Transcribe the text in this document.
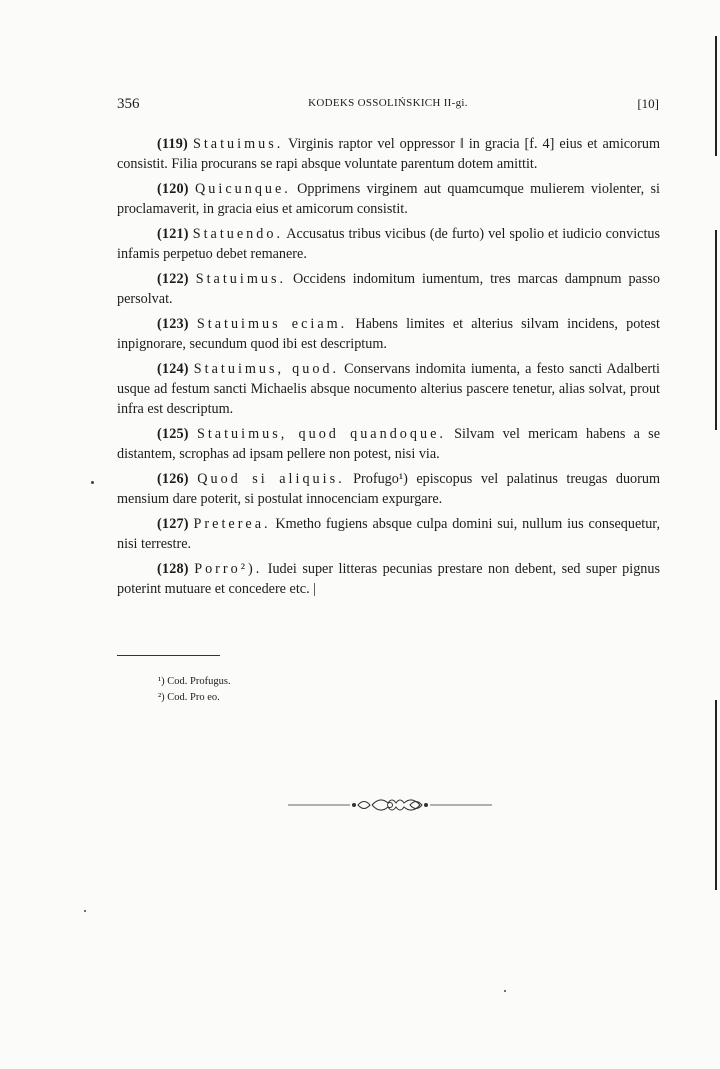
356	KODEKS OSSOLIŃSKICH II-gi.	[10]

(119) Statuimus. Virginis raptor vel oppressor ‖ in gracia [f. 4] eius et amicorum consistit. Filia procurans se rapi absque voluntate parentum dotem amittit.

(120) Quicunque. Opprimens virginem aut quamcumque mulierem violenter, si proclamaverit, in gracia eius et amicorum consistit.

(121) Statuendo. Accusatus tribus vicibus (de furto) vel spolio et iudicio convictus infamis perpetuo debet remanere.

(122) Statuimus. Occidens indomitum iumentum, tres marcas dampnum passo persolvat.

(123) Statuimus eciam. Habens limites et alterius silvam incidens, potest inpignorare, secundum quod ibi est descriptum.

(124) Statuimus, quod. Conservans indomita iumenta, a festo sancti Adalberti usque ad festum sancti Michaelis absque nocumento alterius pascere tenetur, alias solvat, prout infra est descriptum.

(125) Statuimus, quod quandoque. Silvam vel mericam habens a se distantem, scrophas ad ipsam pellere non potest, nisi via.

(126) Quod si aliquis. Profugo¹) episcopus vel palatinus treugas duorum mensium dare poterit, si postulat innocenciam expurgare.

(127) Preterea. Kmetho fugiens absque culpa domini sui, nullum ius consequetur, nisi terrestre.

(128) Porro²). Iudei super litteras pecunias prestare non debent, sed super pignus poterint mutuare et concedere etc. |

¹) Cod. Profugus.
²) Cod. Pro eo.
